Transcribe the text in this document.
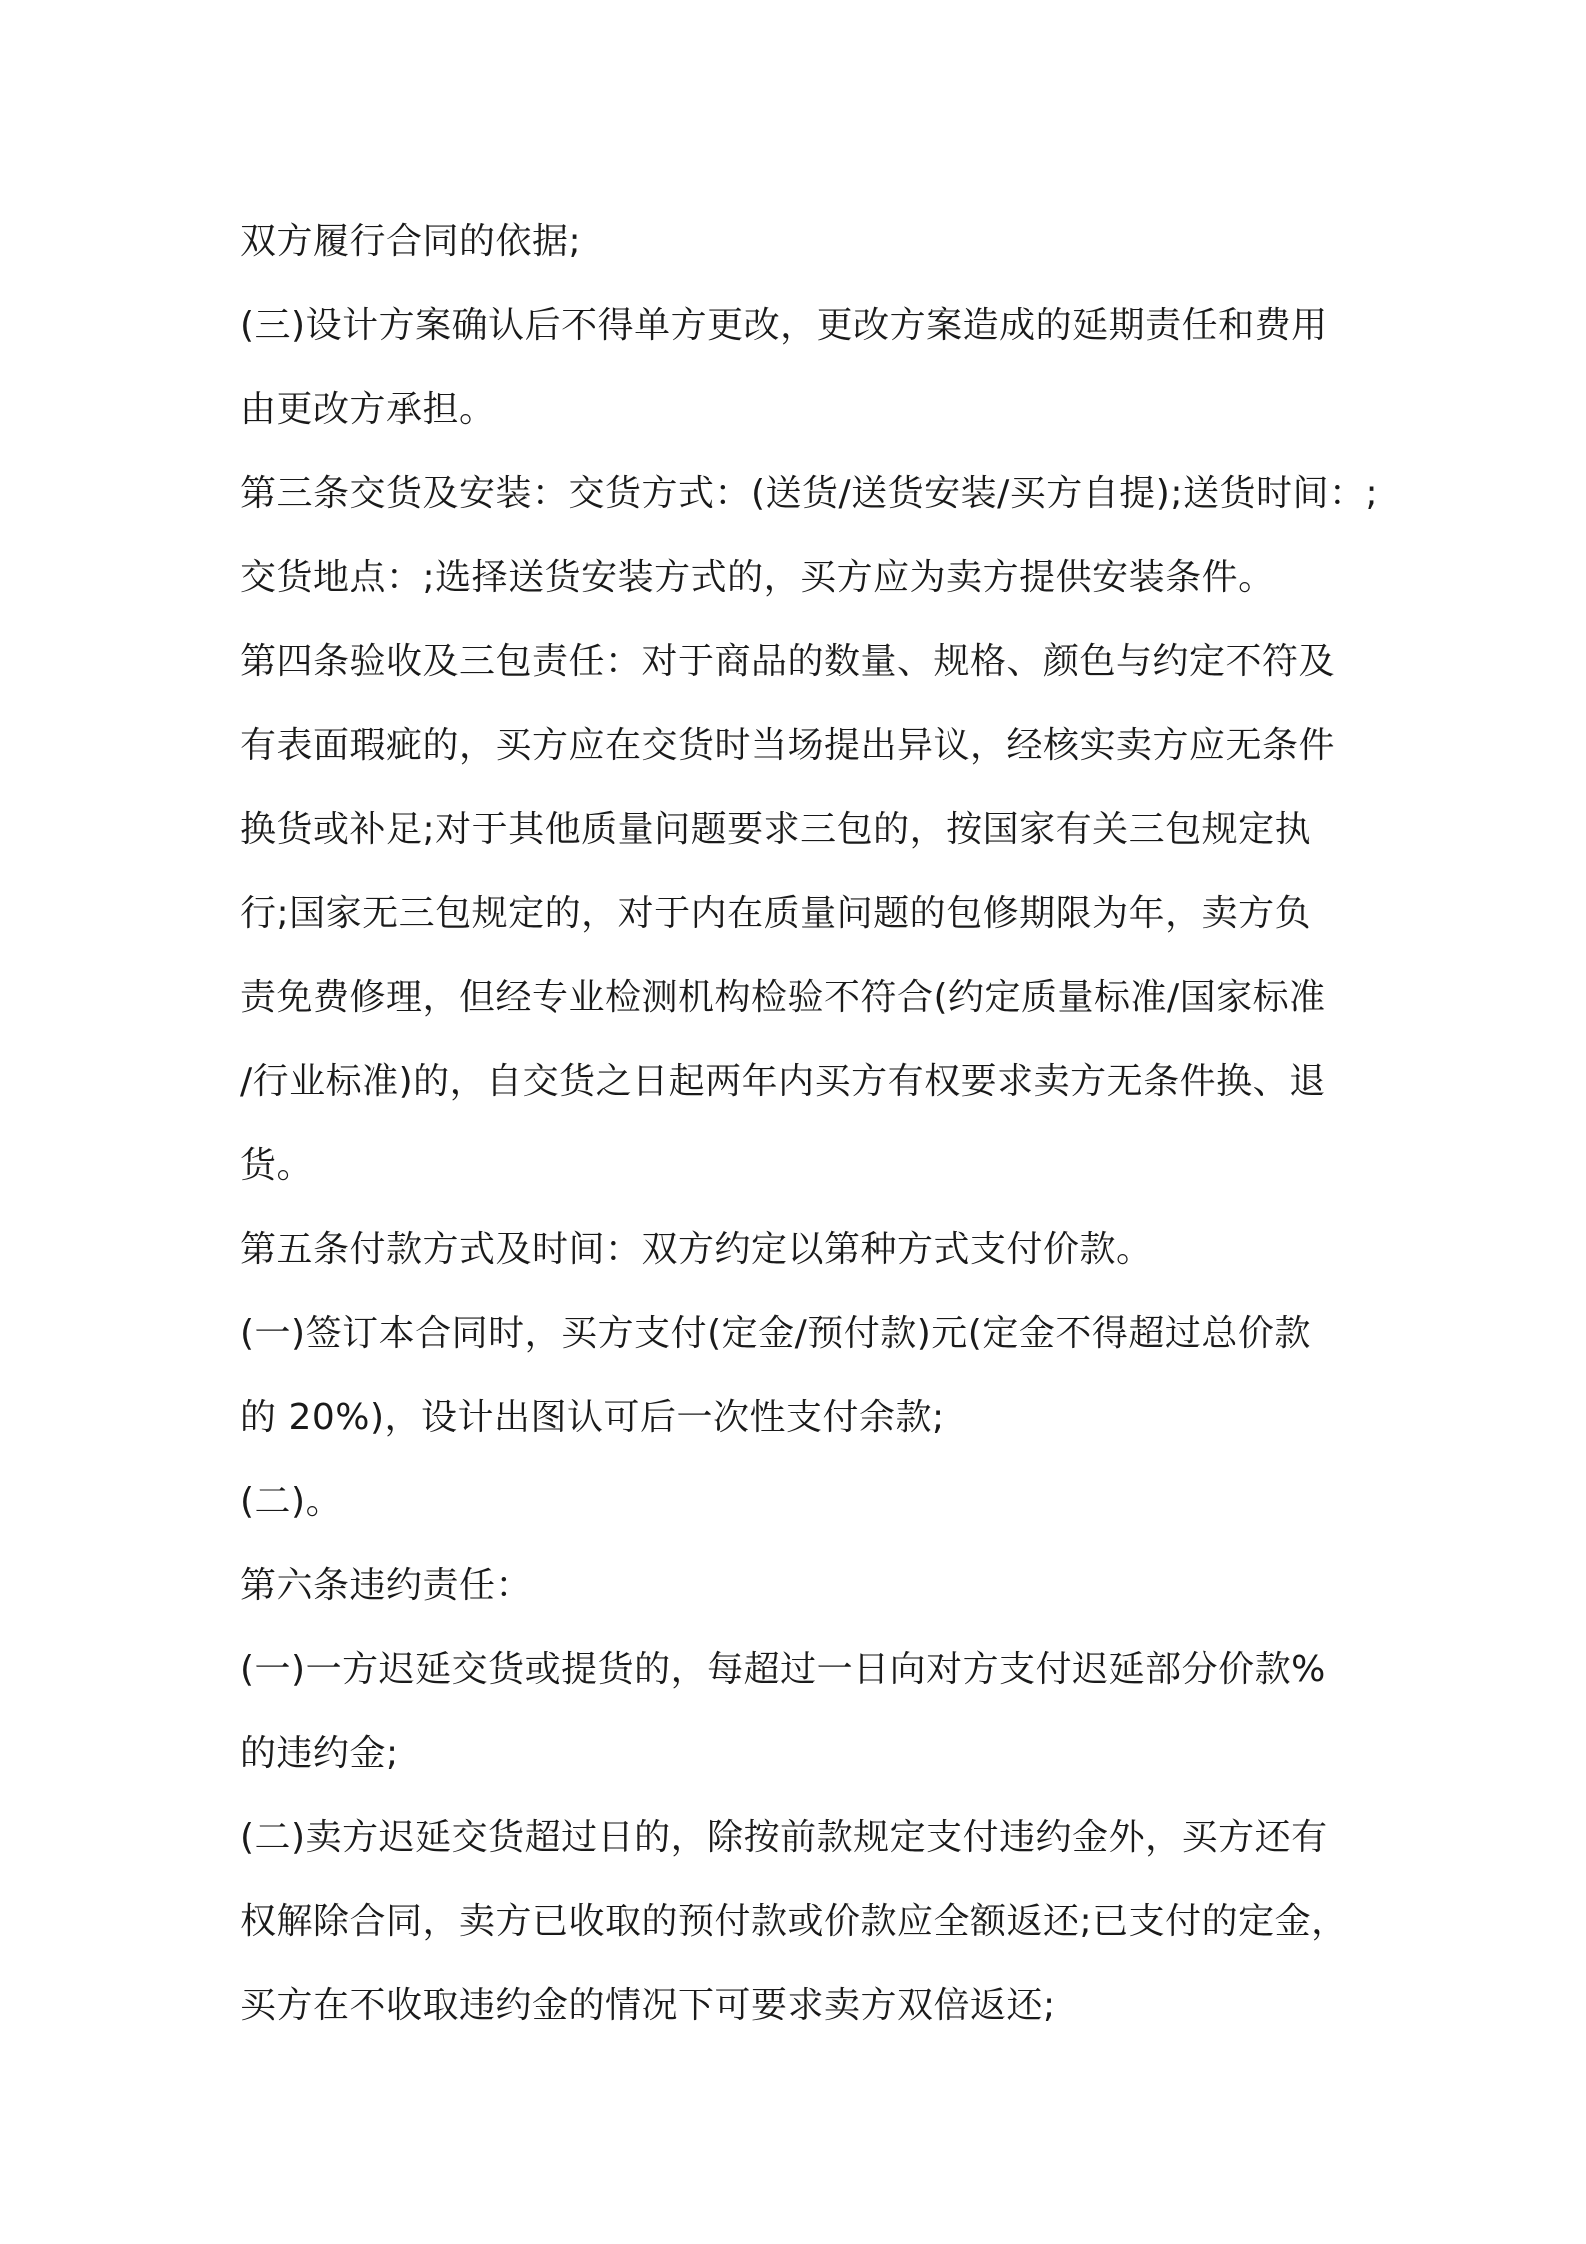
双方履行合同的依据;
(三)设计方案确认后不得单方更改，更改方案造成的延期责任和费用
由更改方承担。
第三条交货及安装：交货方式：(送货/送货安装/买方自提);送货时间：;
交货地点：;选择送货安装方式的，买方应为卖方提供安装条件。
第四条验收及三包责任：对于商品的数量、规格、颜色与约定不符及
有表面瑕疵的，买方应在交货时当场提出异议，经核实卖方应无条件
换货或补足;对于其他质量问题要求三包的，按国家有关三包规定执
行;国家无三包规定的，对于内在质量问题的包修期限为年，卖方负
责免费修理，但经专业检测机构检验不符合(约定质量标准/国家标准
/行业标准)的，自交货之日起两年内买方有权要求卖方无条件换、退
货。
第五条付款方式及时间：双方约定以第种方式支付价款。
(一)签订本合同时，买方支付(定金/预付款)元(定金不得超过总价款
的 20%)，设计出图认可后一次性支付余款;
(二)。
第六条违约责任：
(一)一方迟延交货或提货的，每超过一日向对方支付迟延部分价款%
的违约金;
(二)卖方迟延交货超过日的，除按前款规定支付违约金外，买方还有
权解除合同，卖方已收取的预付款或价款应全额返还;已支付的定金，
买方在不收取违约金的情况下可要求卖方双倍返还;
